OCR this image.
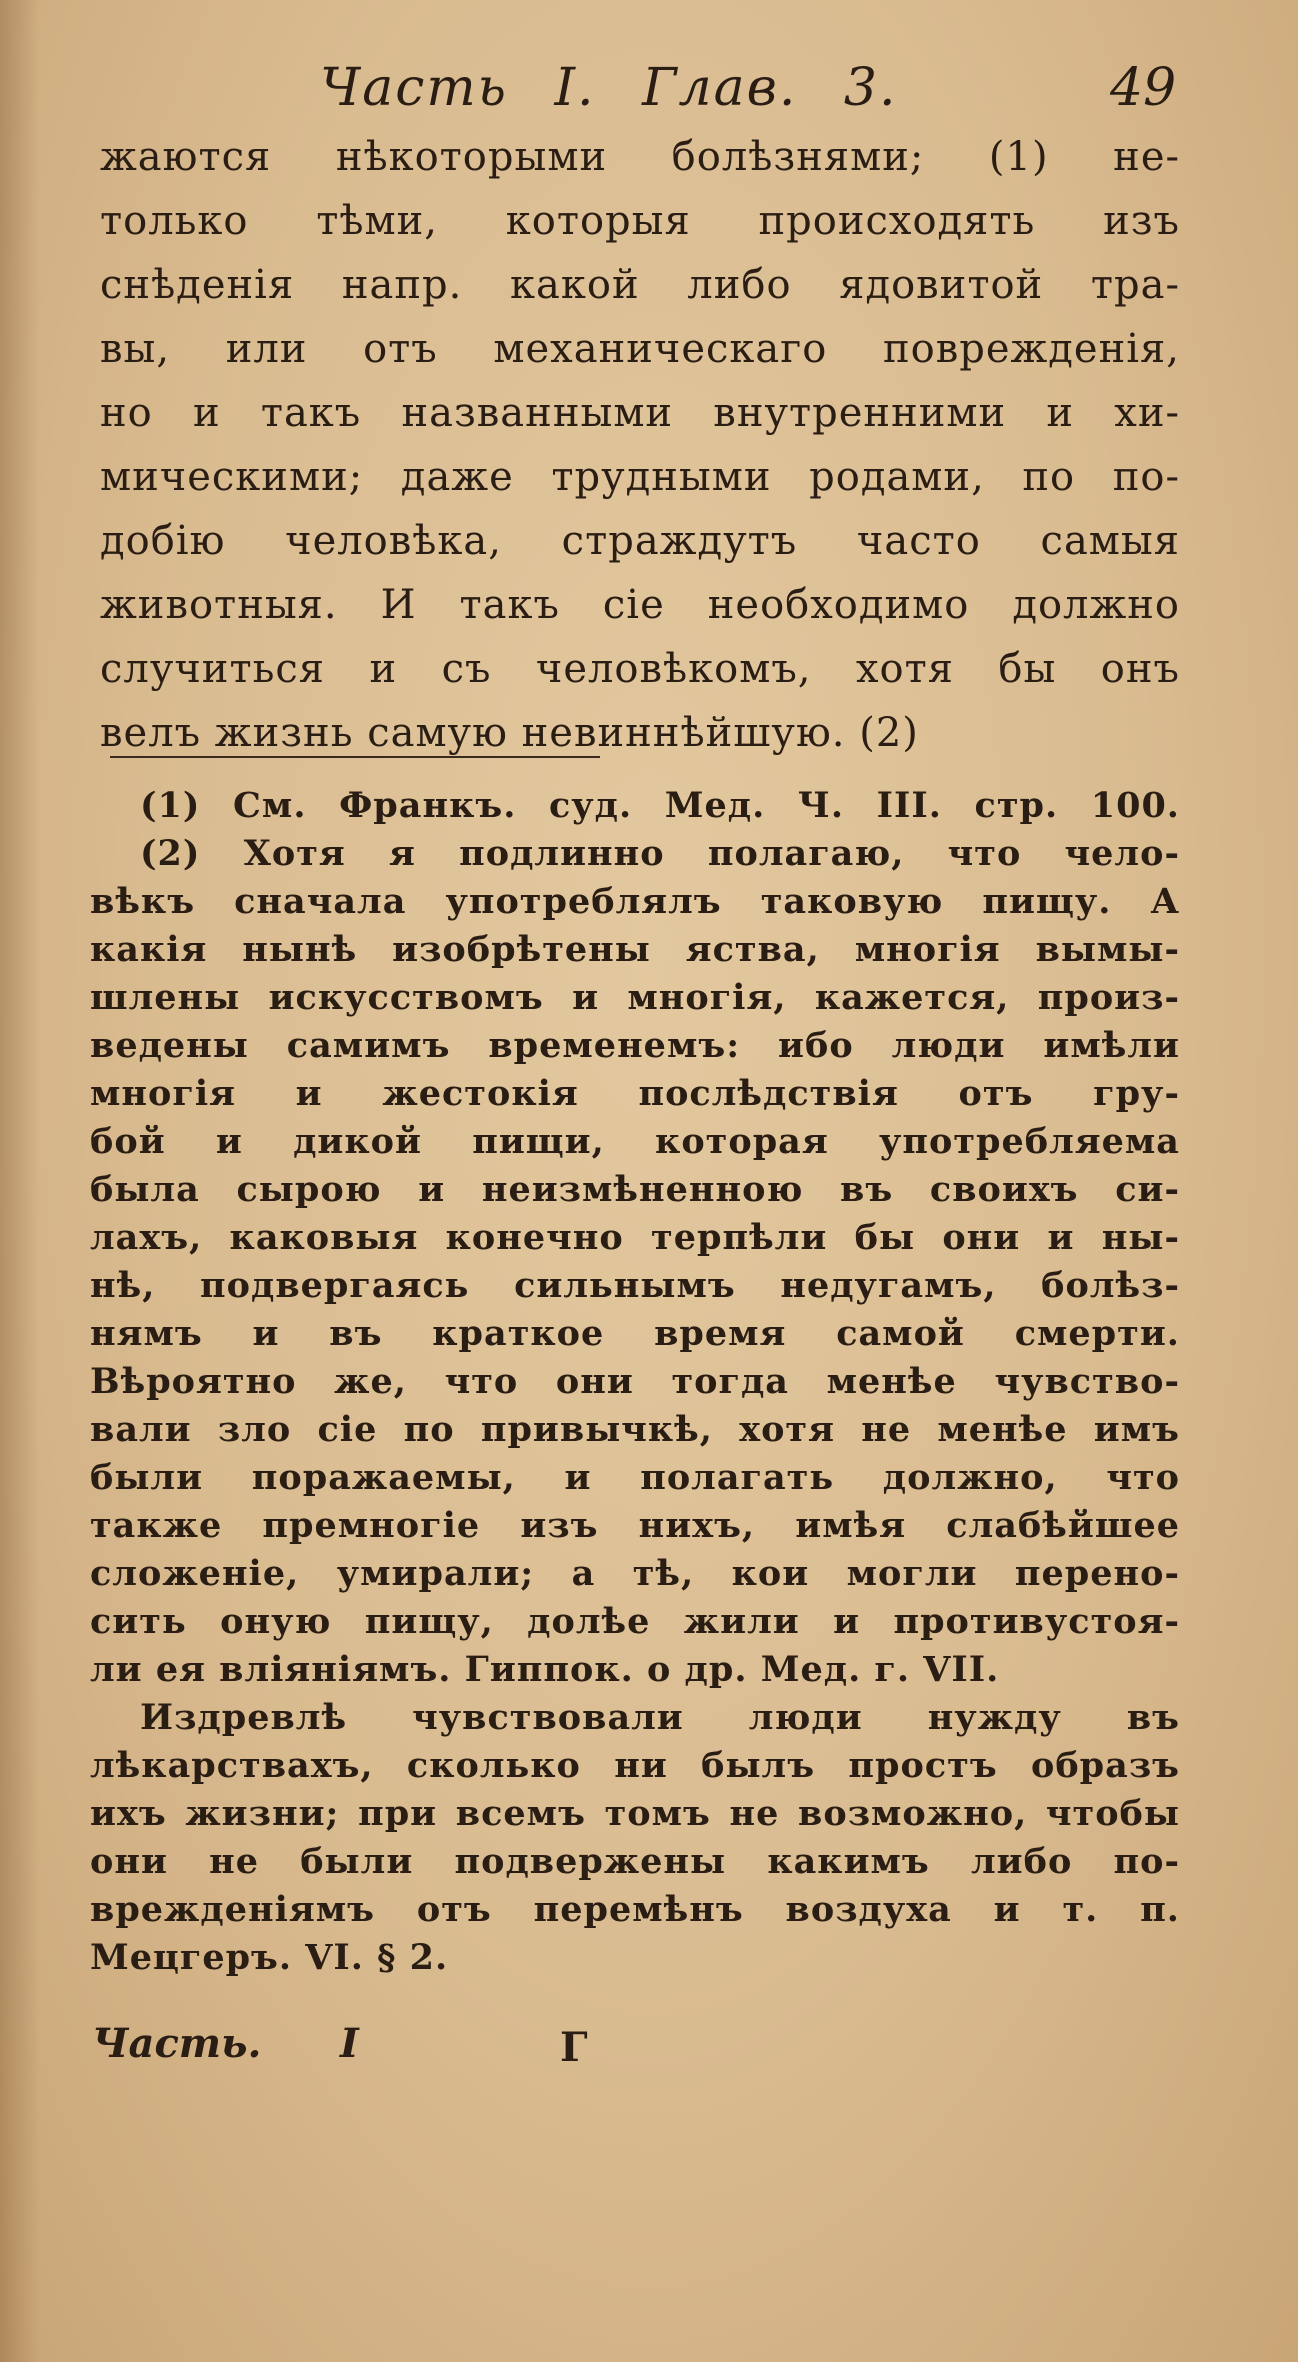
Часть I. Глав. 3.	49
жаются нѣкоторыми болѣзнями; (1) не-
только тѣми, которыя происходять изъ
снѣденія напр. какой либо ядовитой тра-
вы, или отъ механическаго поврежденія,
но и такъ названными внутренними и хи-
мическими; даже трудными родами, по по-
добію человѣка, страждутъ часто самыя
животныя. И такъ сіе необходимо должно
случиться и съ человѣкомъ, хотя бы онъ
велъ жизнь самую невиннѣйшую. (2)
(1) См. Франкъ. суд. Мед. Ч. III. стр. 100.
(2) Хотя я подлинно полагаю, что чело-
вѣкъ сначала употреблялъ таковую пищу. А
какія нынѣ изобрѣтены яства, многія вымы-
шлены искусствомъ и многія, кажется, произ-
ведены самимъ временемъ: ибо люди имѣли
многія и жестокія послѣдствія отъ гру-
бой и дикой пищи, которая употребляема
была сырою и неизмѣненною въ своихъ си-
лахъ, каковыя конечно терпѣли бы они и ны-
нѣ, подвергаясь сильнымъ недугамъ, болѣз-
нямъ и въ краткое время самой смерти.
Вѣроятно же, что они тогда менѣе чувство-
вали зло сіе по привычкѣ, хотя не менѣе имъ
были поражаемы, и полагать должно, что
также премногіе изъ нихъ, имѣя слабѣйшее
сложеніе, умирали; а тѣ, кои могли перено-
сить оную пищу, долѣе жили и противустоя-
ли ея вліяніямъ. Гиппок. о др. Мед. г. VII.
Издревлѣ чувствовали люди нужду въ
лѣкарствахъ, сколько ни былъ простъ образъ
ихъ жизни; при всемъ томъ не возможно, чтобы
они не были подвержены какимъ либо по-
врежденіямъ отъ перемѣнъ воздуха и т. п.
Мецгеръ. VI. § 2.
Часть. I	Г
